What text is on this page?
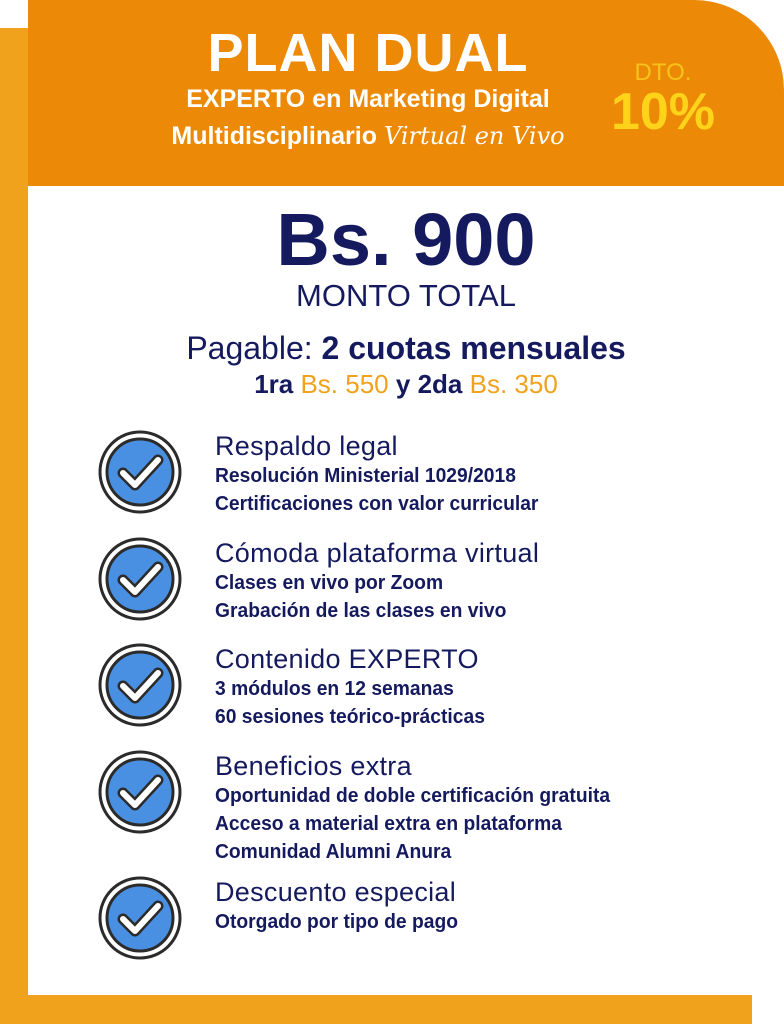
PLAN DUAL
EXPERTO en Marketing Digital
Multidisciplinario Virtual en Vivo
DTO.
10%
Bs. 900
MONTO TOTAL
Pagable: 2 cuotas mensuales
1ra Bs. 550 y 2da Bs. 350
Respaldo legal
Resolución Ministerial 1029/2018
Certificaciones con valor curricular
Cómoda plataforma virtual
Clases en vivo por Zoom
Grabación de las clases en vivo
Contenido EXPERTO
3 módulos en 12 semanas
60 sesiones teórico-prácticas
Beneficios extra
Oportunidad de doble certificación gratuita
Acceso a material extra en plataforma
Comunidad Alumni Anura
Descuento especial
Otorgado por tipo de pago
